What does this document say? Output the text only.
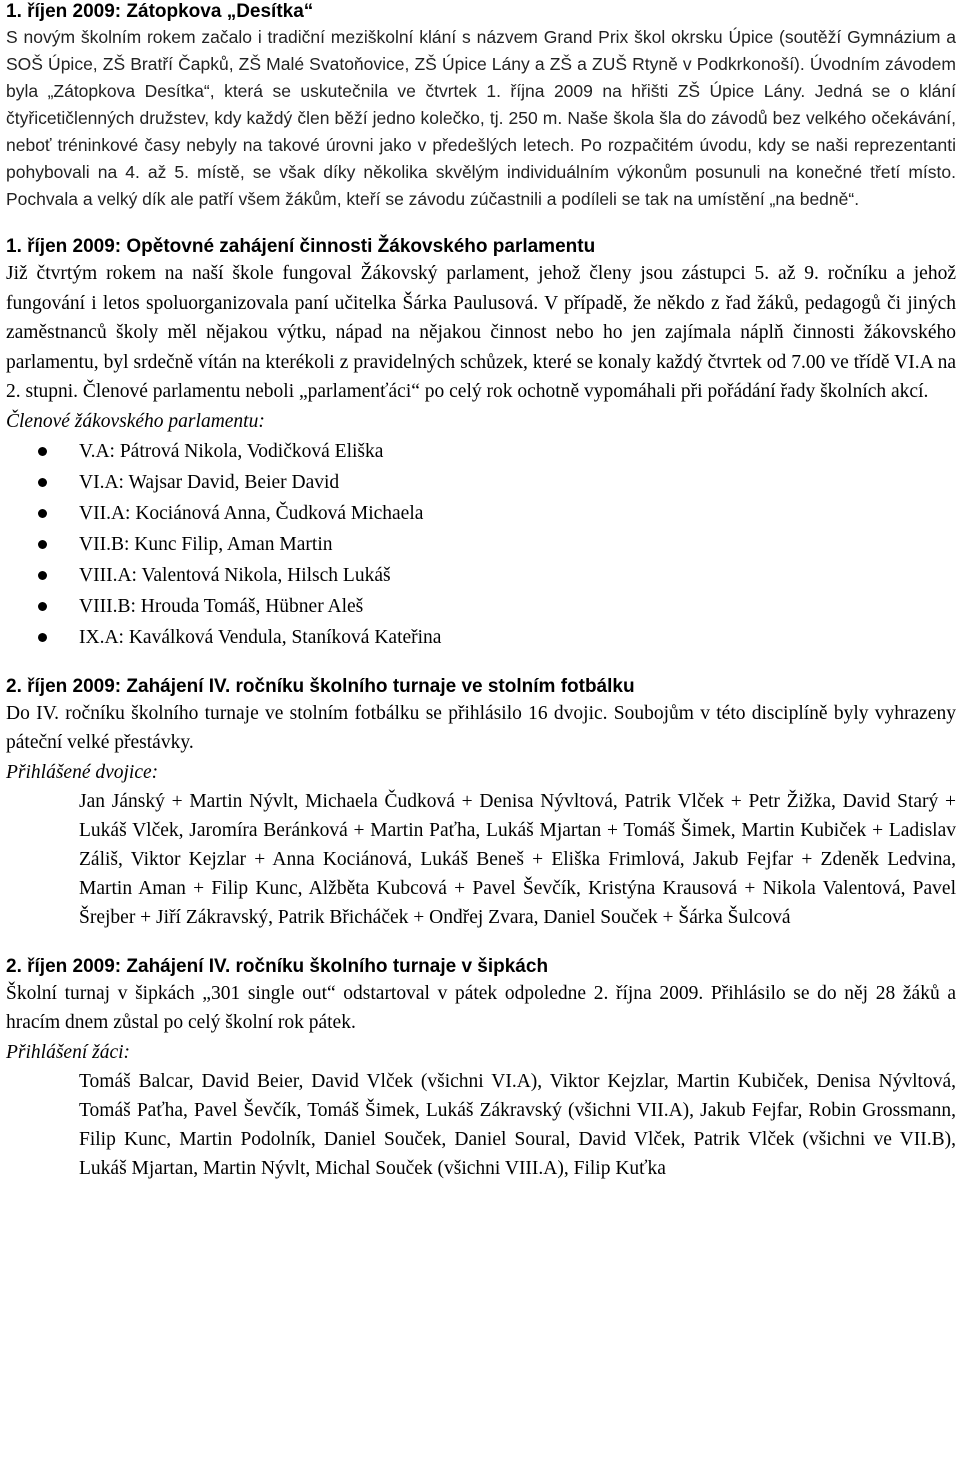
1. říjen 2009: Zátopkova „Desítka“

S novým školním rokem začalo i tradiční meziškolní klání s názvem Grand Prix škol okrsku Úpice (soutěží Gymnázium a SOŠ Úpice, ZŠ Bratří Čapků, ZŠ Malé Svatoňovice, ZŠ Úpice Lány a ZŠ a ZUŠ Rtyně v Podkrkonoší). Úvodním závodem byla „Zátopkova Desítka“, která se uskutečnila ve čtvrtek 1. října 2009 na hřišti ZŠ Úpice Lány. Jedná se o klání čtyřicetičlenných družstev, kdy každý člen běží jedno kolečko, tj. 250 m. Naše škola šla do závodů bez velkého očekávání, neboť tréninkové časy nebyly na takové úrovni jako v předešlých letech. Po rozpačitém úvodu, kdy se naši reprezentanti pohybovali na 4. až 5. místě, se však díky několika skvělým individuálním výkonům posunuli na konečné třetí místo. Pochvala a velký dík ale patří všem žákům, kteří se závodu zúčastnili a podíleli se tak na umístění „na bedně“.

1. říjen 2009: Opětovné zahájení činnosti Žákovského parlamentu

Již čtvrtým rokem na naší škole fungoval Žákovský parlament, jehož členy jsou zástupci 5. až 9. ročníku a jehož fungování i letos spoluorganizovala paní učitelka Šárka Paulusová. V případě, že někdo z řad žáků, pedagogů či jiných zaměstnanců školy měl nějakou výtku, nápad na nějakou činnost nebo ho jen zajímala náplň činnosti žákovského parlamentu, byl srdečně vítán na kterékoli z pravidelných schůzek, které se konaly každý čtvrtek od 7.00 ve třídě VI.A na 2. stupni. Členové parlamentu neboli „parlamenťáci“ po celý rok ochotně vypomáhali při pořádání řady školních akcí.

Členové žákovského parlamentu:

V.A: Pátrová Nikola, Vodičková Eliška
VI.A: Wajsar David, Beier David
VII.A: Kociánová Anna, Čudková Michaela
VII.B: Kunc Filip, Aman Martin
VIII.A: Valentová Nikola, Hilsch Lukáš
VIII.B: Hrouda Tomáš, Hübner Aleš
IX.A: Kaválková Vendula, Staníková Kateřina
2. říjen 2009: Zahájení IV. ročníku školního turnaje ve stolním fotbálku

Do IV. ročníku školního turnaje ve stolním fotbálku se přihlásilo 16 dvojic. Soubojům v této disciplíně byly vyhrazeny páteční velké přestávky.

Přihlášené dvojice:

Jan Jánský + Martin Nývlt, Michaela Čudková + Denisa Nývltová, Patrik Vlček + Petr Žižka, David Starý + Lukáš Vlček, Jaromíra Beránková + Martin Paťha, Lukáš Mjartan + Tomáš Šimek, Martin Kubiček + Ladislav Záliš, Viktor Kejzlar + Anna Kociánová, Lukáš Beneš + Eliška Frimlová, Jakub Fejfar + Zdeněk Ledvina, Martin Aman + Filip Kunc, Alžběta Kubcová + Pavel Ševčík, Kristýna Krausová + Nikola Valentová, Pavel Šrejber + Jiří Zákravský, Patrik Břicháček + Ondřej Zvara, Daniel Souček + Šárka Šulcová

2. říjen 2009: Zahájení IV. ročníku školního turnaje v šipkách

Školní turnaj v šipkách „301 single out“ odstartoval v pátek odpoledne 2. října 2009. Přihlásilo se do něj 28 žáků a hracím dnem zůstal po celý školní rok pátek.

Přihlášení žáci:

Tomáš Balcar, David Beier, David Vlček (všichni VI.A), Viktor Kejzlar, Martin Kubiček, Denisa Nývltová, Tomáš Paťha, Pavel Ševčík, Tomáš Šimek, Lukáš Zákravský (všichni VII.A), Jakub Fejfar, Robin Grossmann, Filip Kunc, Martin Podolník, Daniel Souček, Daniel Soural, David Vlček, Patrik Vlček (všichni ve VII.B), Lukáš Mjartan, Martin Nývlt, Michal Souček (všichni VIII.A), Filip Kuťka
